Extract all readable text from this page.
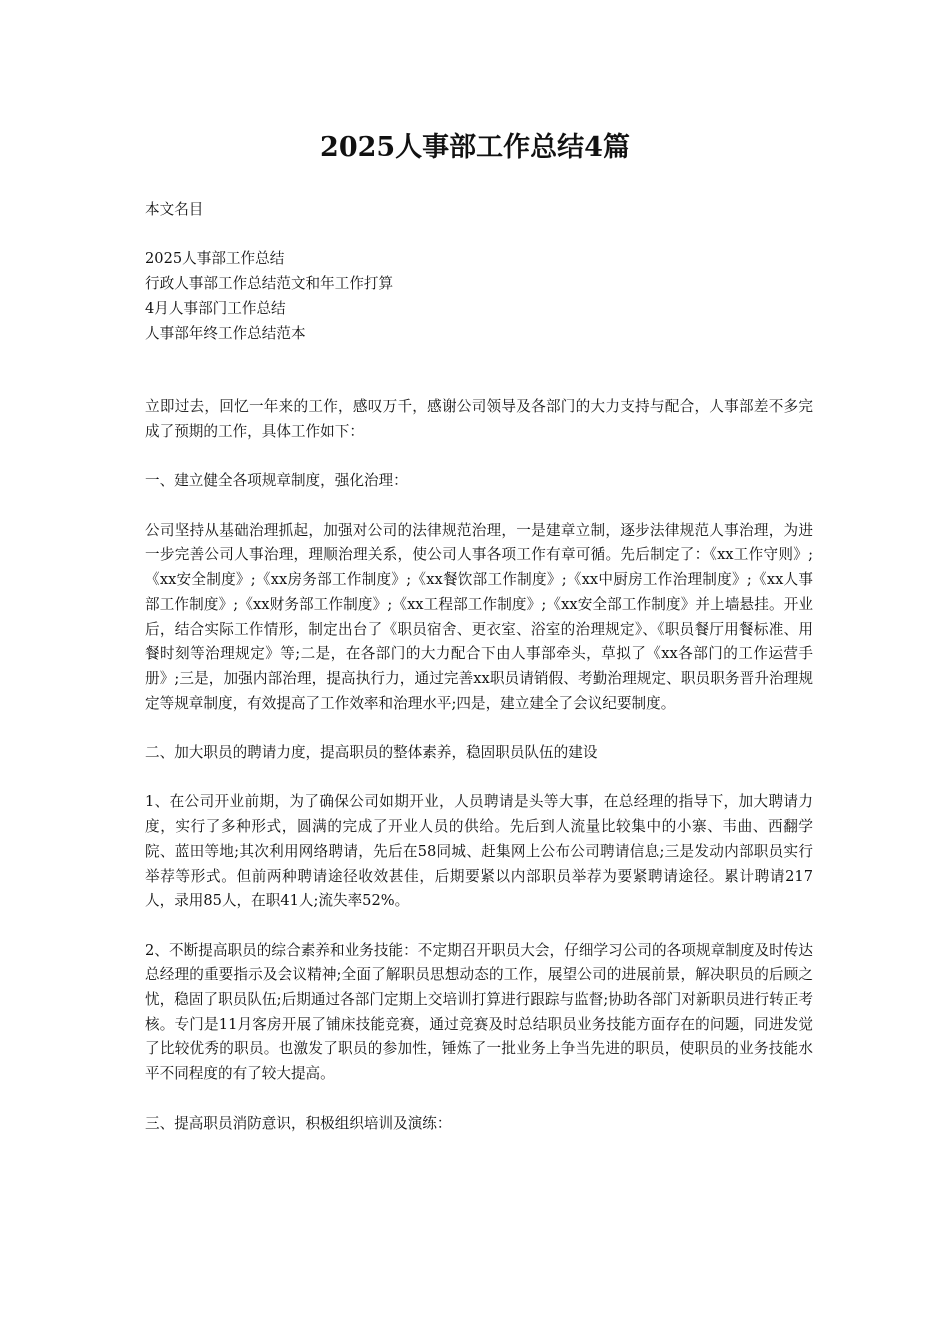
2025人事部工作总结4篇

本文名目

2025人事部工作总结
行政人事部工作总结范文和年工作打算
4月人事部门工作总结
人事部年终工作总结范本

立即过去，回忆一年来的工作，感叹万千，感谢公司领导及各部门的大力支持与配合，人事部差不多完成了预期的工作，具体工作如下：

一、建立健全各项规章制度，强化治理：

公司坚持从基础治理抓起，加强对公司的法律规范治理，一是建章立制，逐步法律规范人事治理，为进一步完善公司人事治理，理顺治理关系，使公司人事各项工作有章可循。先后制定了：《xx工作守则》;《xx安全制度》;《xx房务部工作制度》;《xx餐饮部工作制度》;《xx中厨房工作治理制度》;《xx人事部工作制度》;《xx财务部工作制度》;《xx工程部工作制度》;《xx安全部工作制度》并上墙悬挂。开业后，结合实际工作情形，制定出台了《职员宿舍、更衣室、浴室的治理规定》、《职员餐厅用餐标准、用餐时刻等治理规定》等;二是，在各部门的大力配合下由人事部牵头，草拟了《xx各部门的工作运营手册》;三是，加强内部治理，提高执行力，通过完善xx职员请销假、考勤治理规定、职员职务晋升治理规定等规章制度，有效提高了工作效率和治理水平;四是，建立建全了会议纪要制度。

二、加大职员的聘请力度，提高职员的整体素养，稳固职员队伍的建设

1、在公司开业前期，为了确保公司如期开业，人员聘请是头等大事，在总经理的指导下，加大聘请力度，实行了多种形式，圆满的完成了开业人员的供给。先后到人流量比较集中的小寨、韦曲、西翻学院、蓝田等地;其次利用网络聘请，先后在58同城、赶集网上公布公司聘请信息;三是发动内部职员实行举荐等形式。但前两种聘请途径收效甚佳，后期要紧以内部职员举荐为要紧聘请途径。累计聘请217人，录用85人，在职41人;流失率52%。

2、不断提高职员的综合素养和业务技能：不定期召开职员大会，仔细学习公司的各项规章制度及时传达总经理的重要指示及会议精神;全面了解职员思想动态的工作，展望公司的进展前景，解决职员的后顾之忧，稳固了职员队伍;后期通过各部门定期上交培训打算进行跟踪与监督;协助各部门对新职员进行转正考核。专门是11月客房开展了铺床技能竞赛，通过竞赛及时总结职员业务技能方面存在的问题，同进发觉了比较优秀的职员。也激发了职员的参加性，锤炼了一批业务上争当先进的职员，使职员的业务技能水平不同程度的有了较大提高。

三、提高职员消防意识，积极组织培训及演练：
